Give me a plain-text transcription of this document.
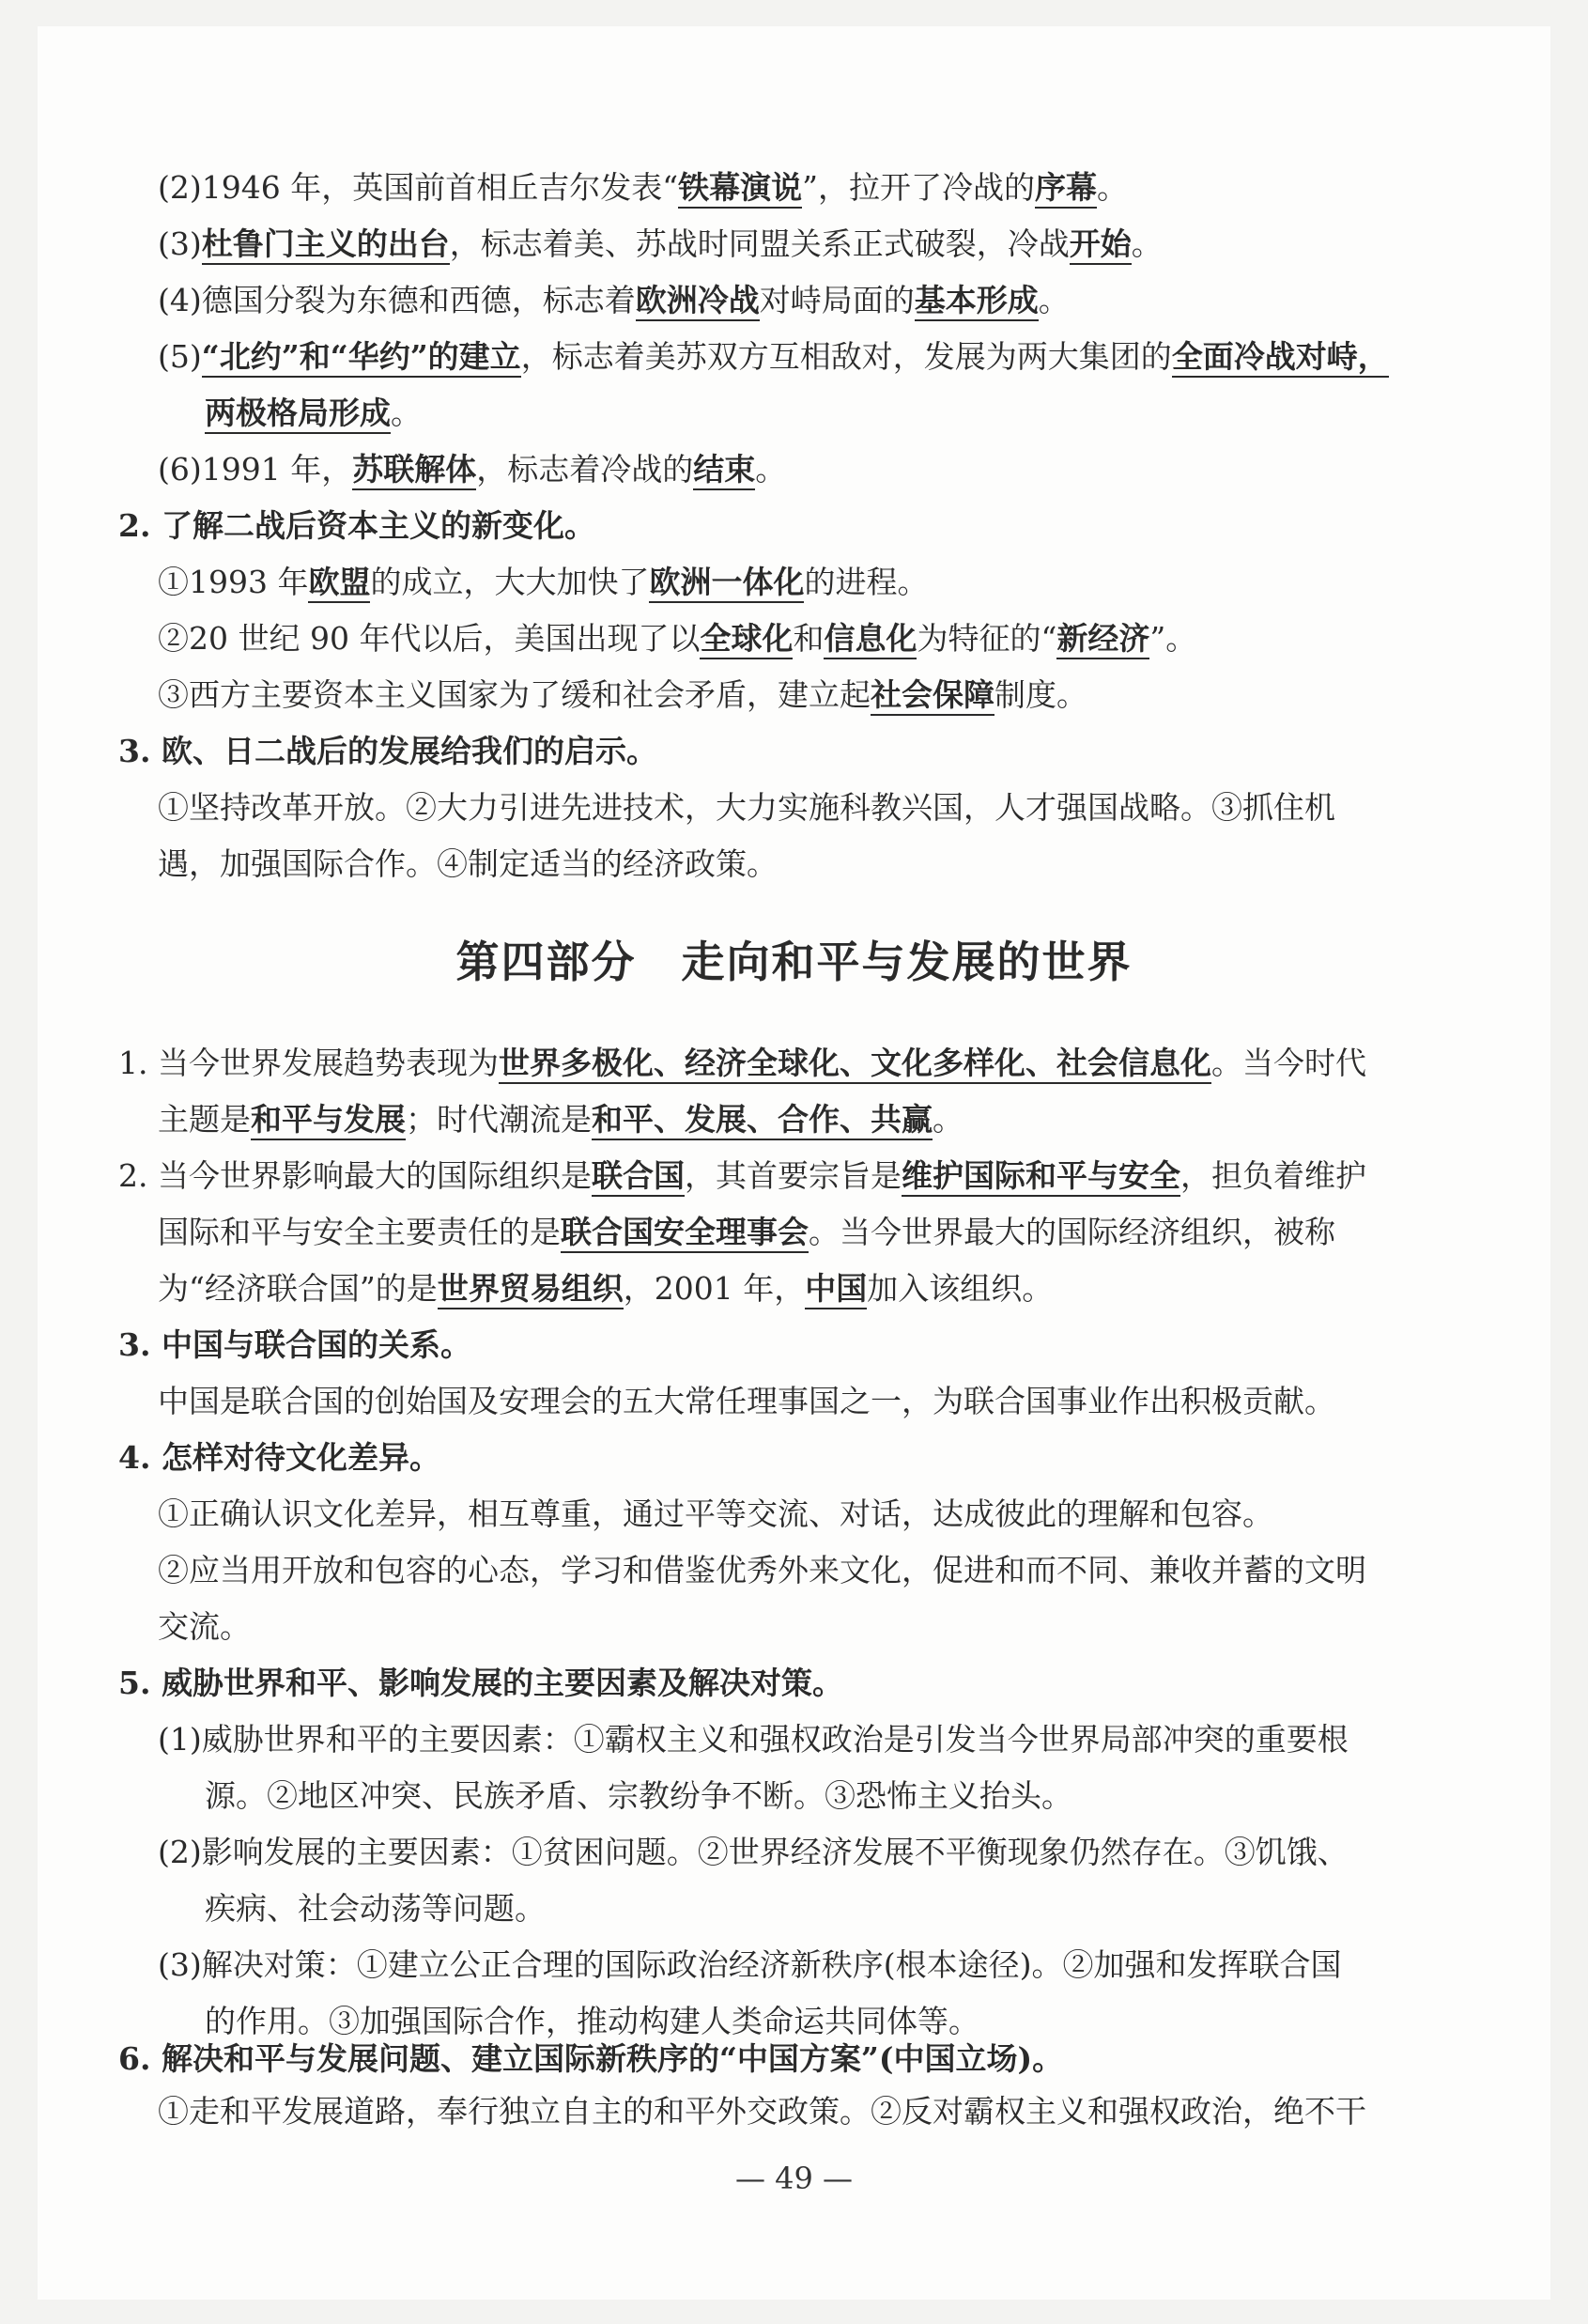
(2)1946 年，英国前首相丘吉尔发表“铁幕演说”，拉开了冷战的序幕。
(3)杜鲁门主义的出台，标志着美、苏战时同盟关系正式破裂，冷战开始。
(4)德国分裂为东德和西德，标志着欧洲冷战对峙局面的基本形成。
(5)“北约”和“华约”的建立，标志着美苏双方互相敌对，发展为两大集团的全面冷战对峙，
两极格局形成。
(6)1991 年，苏联解体，标志着冷战的结束。
2. 了解二战后资本主义的新变化。
①1993 年欧盟的成立，大大加快了欧洲一体化的进程。
②20 世纪 90 年代以后，美国出现了以全球化和信息化为特征的“新经济”。
③西方主要资本主义国家为了缓和社会矛盾，建立起社会保障制度。
3. 欧、日二战后的发展给我们的启示。
①坚持改革开放。②大力引进先进技术，大力实施科教兴国，人才强国战略。③抓住机
遇，加强国际合作。④制定适当的经济政策。
1. 当今世界发展趋势表现为世界多极化、经济全球化、文化多样化、社会信息化。当今时代
主题是和平与发展；时代潮流是和平、发展、合作、共赢。
2. 当今世界影响最大的国际组织是联合国，其首要宗旨是维护国际和平与安全，担负着维护
国际和平与安全主要责任的是联合国安全理事会。当今世界最大的国际经济组织，被称
为“经济联合国”的是世界贸易组织，2001 年，中国加入该组织。
3. 中国与联合国的关系。
中国是联合国的创始国及安理会的五大常任理事国之一，为联合国事业作出积极贡献。
4. 怎样对待文化差异。
①正确认识文化差异，相互尊重，通过平等交流、对话，达成彼此的理解和包容。
②应当用开放和包容的心态，学习和借鉴优秀外来文化，促进和而不同、兼收并蓄的文明
交流。
5. 威胁世界和平、影响发展的主要因素及解决对策。
(1)威胁世界和平的主要因素：①霸权主义和强权政治是引发当今世界局部冲突的重要根
源。②地区冲突、民族矛盾、宗教纷争不断。③恐怖主义抬头。
(2)影响发展的主要因素：①贫困问题。②世界经济发展不平衡现象仍然存在。③饥饿、
疾病、社会动荡等问题。
(3)解决对策：①建立公正合理的国际政治经济新秩序(根本途径)。②加强和发挥联合国
的作用。③加强国际合作，推动构建人类命运共同体等。
6. 解决和平与发展问题、建立国际新秩序的“中国方案”(中国立场)。
①走和平发展道路，奉行独立自主的和平外交政策。②反对霸权主义和强权政治，绝不干
第四部分　走向和平与发展的世界
— 49 —
